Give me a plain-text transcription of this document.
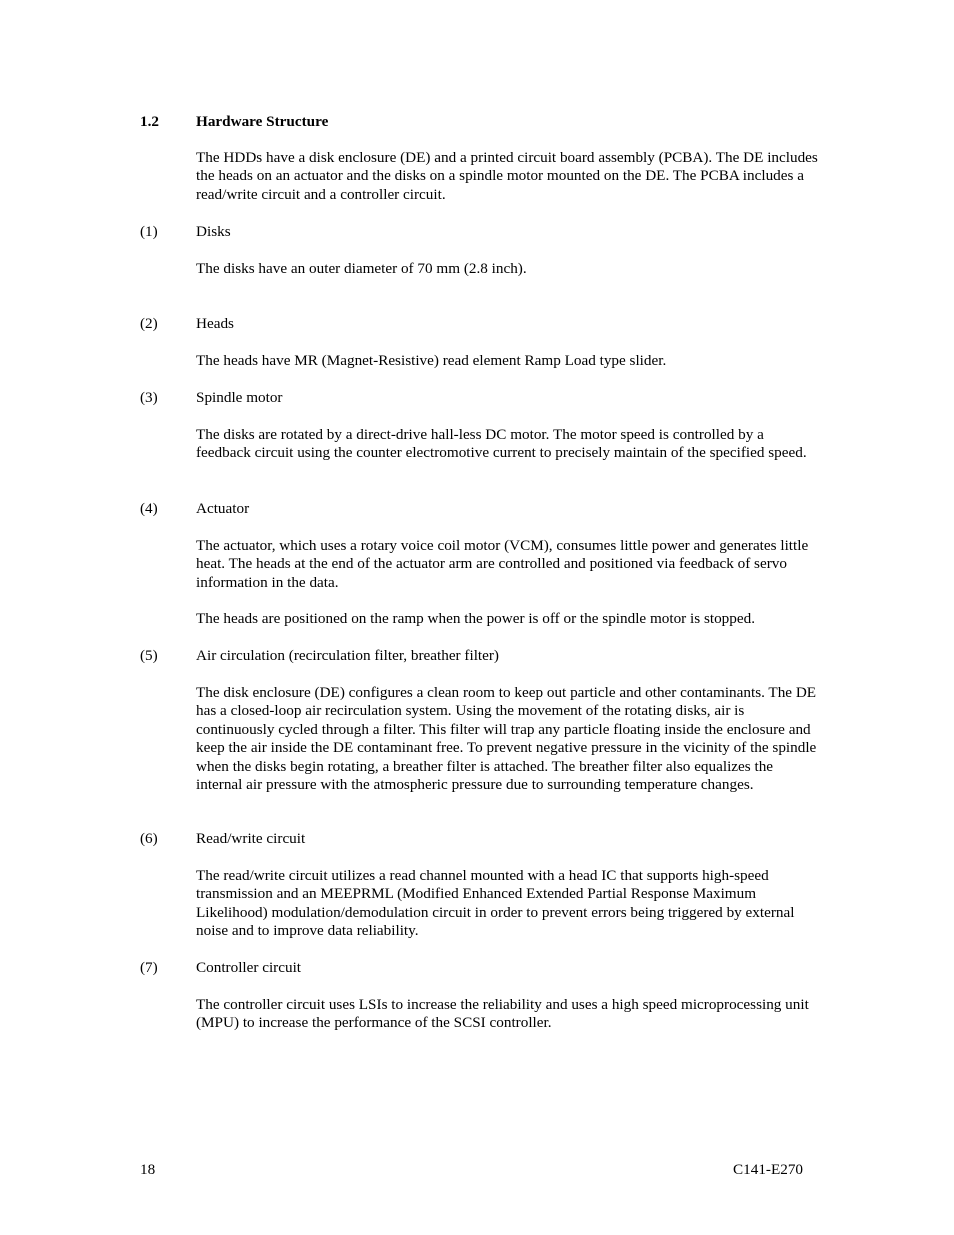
1.2 Hardware Structure

The HDDs have a disk enclosure (DE) and a printed circuit board assembly (PCBA). The DE includes the heads on an actuator and the disks on a spindle motor mounted on the DE. The PCBA includes a read/write circuit and a controller circuit.

(1)	Disks

The disks have an outer diameter of 70 mm (2.8 inch).

(2)	Heads

The heads have MR (Magnet-Resistive) read element Ramp Load type slider.

(3)	Spindle motor

The disks are rotated by a direct-drive hall-less DC motor. The motor speed is controlled by a feedback circuit using the counter electromotive current to precisely maintain of the specified speed.

(4)	Actuator

The actuator, which uses a rotary voice coil motor (VCM), consumes little power and generates little heat. The heads at the end of the actuator arm are controlled and positioned via feedback of servo information in the data.

The heads are positioned on the ramp when the power is off or the spindle motor is stopped.

(5)	Air circulation (recirculation filter, breather filter)

The disk enclosure (DE) configures a clean room to keep out particle and other contaminants. The DE has a closed-loop air recirculation system. Using the movement of the rotating disks, air is continuously cycled through a filter. This filter will trap any particle floating inside the enclosure and keep the air inside the DE contaminant free. To prevent negative pressure in the vicinity of the spindle when the disks begin rotating, a breather filter is attached. The breather filter also equalizes the internal air pressure with the atmospheric pressure due to surrounding temperature changes.

(6)	Read/write circuit

The read/write circuit utilizes a read channel mounted with a head IC that supports high-speed transmission and an MEEPRML (Modified Enhanced Extended Partial Response Maximum Likelihood) modulation/demodulation circuit in order to prevent errors being triggered by external noise and to improve data reliability.

(7)	Controller circuit

The controller circuit uses LSIs to increase the reliability and uses a high speed microprocessing unit (MPU) to increase the performance of the SCSI controller.

18	C141-E270
